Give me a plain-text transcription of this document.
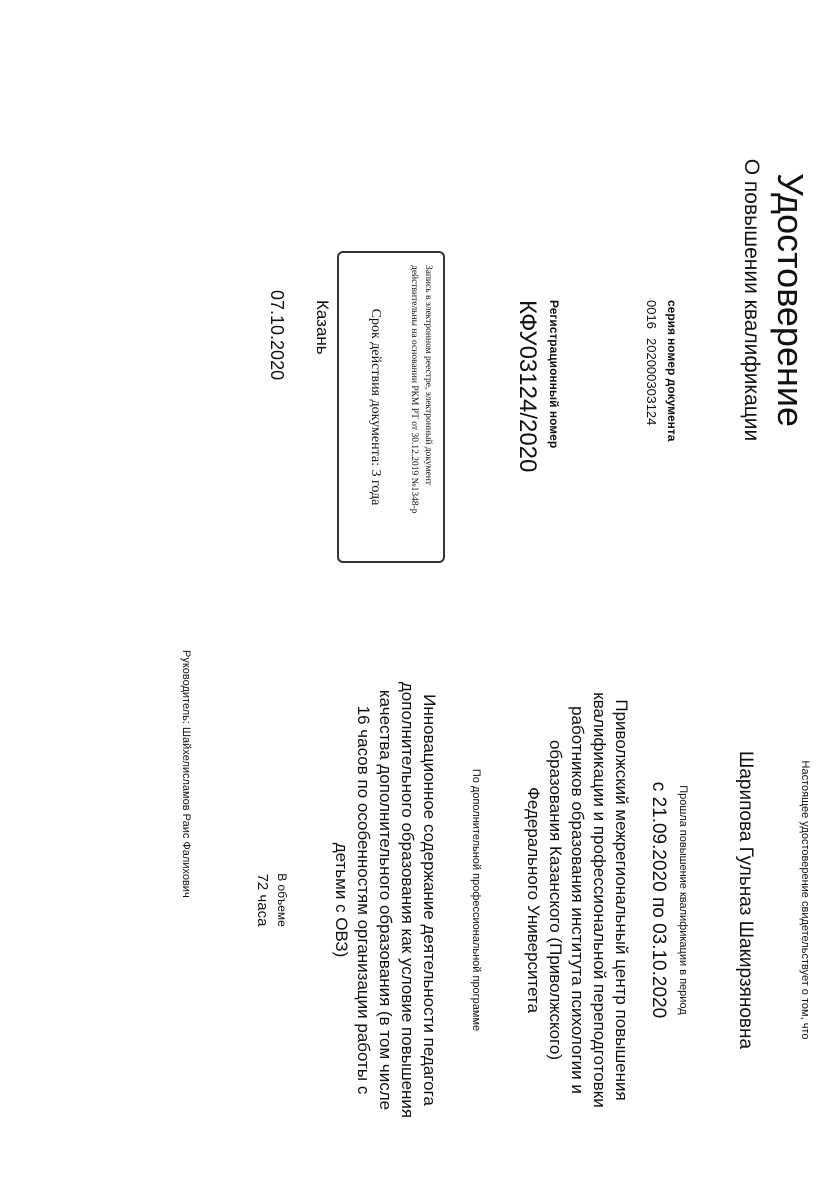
Удостоверение
О повышении квалификации
серияномер документа
001620200030З124
Регистрационный номер
КФУ03124/2020
Запись в электронном реестре, электронный документ
действительны на основании РКМ РТ от 30.12.2019 №1348-р
Срок действия документа: 3 года
Казань
07.10.2020
Настоящее удостоверение свидетельствует о том, что
Шарипова Гульназ Шакирзяновна
Прошла повышение квалификации в период
с 21.09.2020 по 03.10.2020
Приволжский межрегиональный центр повышения
квалификации и профессиональной переподготовки
работников образования института психологии и
образования Казанского (Приволжского)
Федерального Университета
По дополнительной профессиональной программе
Инновационное содержание деятельности педагога
дополнительного образования как условие повышения
качества дополнительного образования (в том числе
16 часов по особенностям организации работы с
детьми с ОВЗ)
В объеме
72 часа
Руководитель: Шайхелисламов Раис Фалихович
